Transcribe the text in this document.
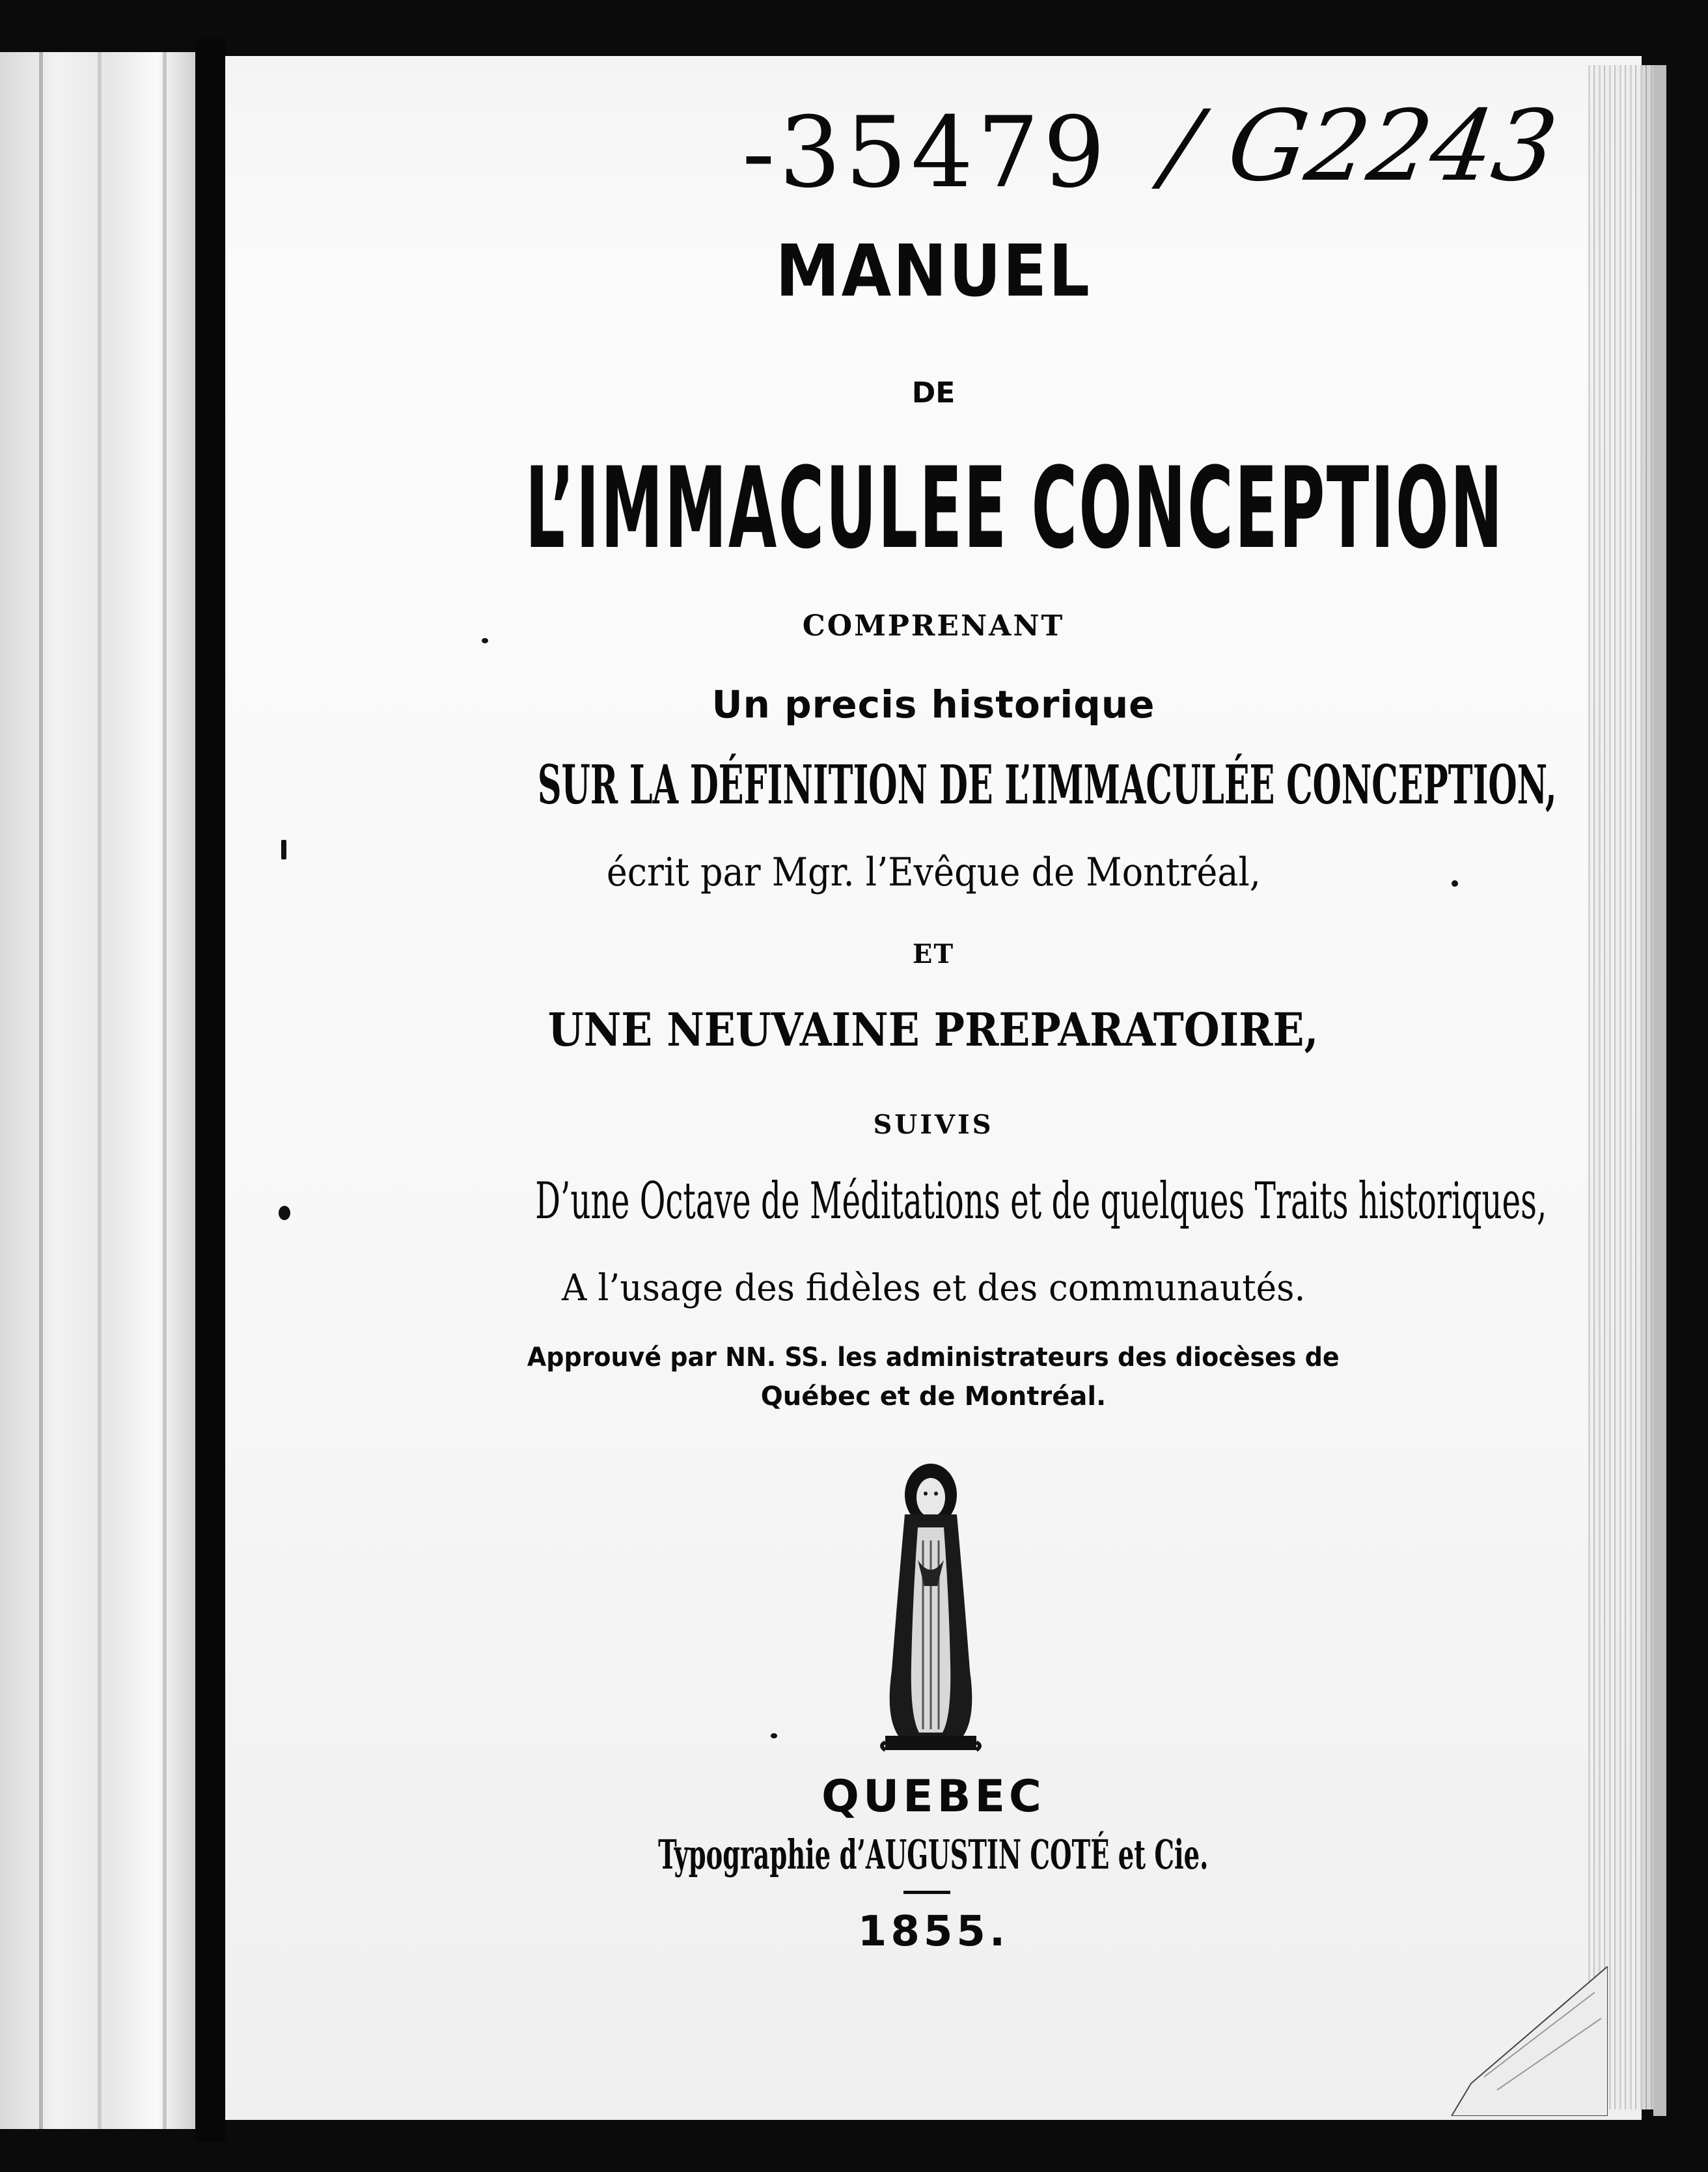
-35479 / G2243
MANUEL
DE
L’IMMACULEE CONCEPTION
COMPRENANT
Un precis historique
SUR LA DÉFINITION DE L’IMMACULÉE CONCEPTION,
écrit par Mgr. l’Evêque de Montréal,
ET
UNE NEUVAINE PREPARATOIRE,
SUIVIS
D’une Octave de Méditations et de quelques Traits historiques,
A l’usage des fidèles et des communautés.
Approuvé par NN. SS. les administrateurs des diocèses de
Québec et de Montréal.
QUEBEC
Typographie d’AUGUSTIN COTÉ et Cie.
1855.
